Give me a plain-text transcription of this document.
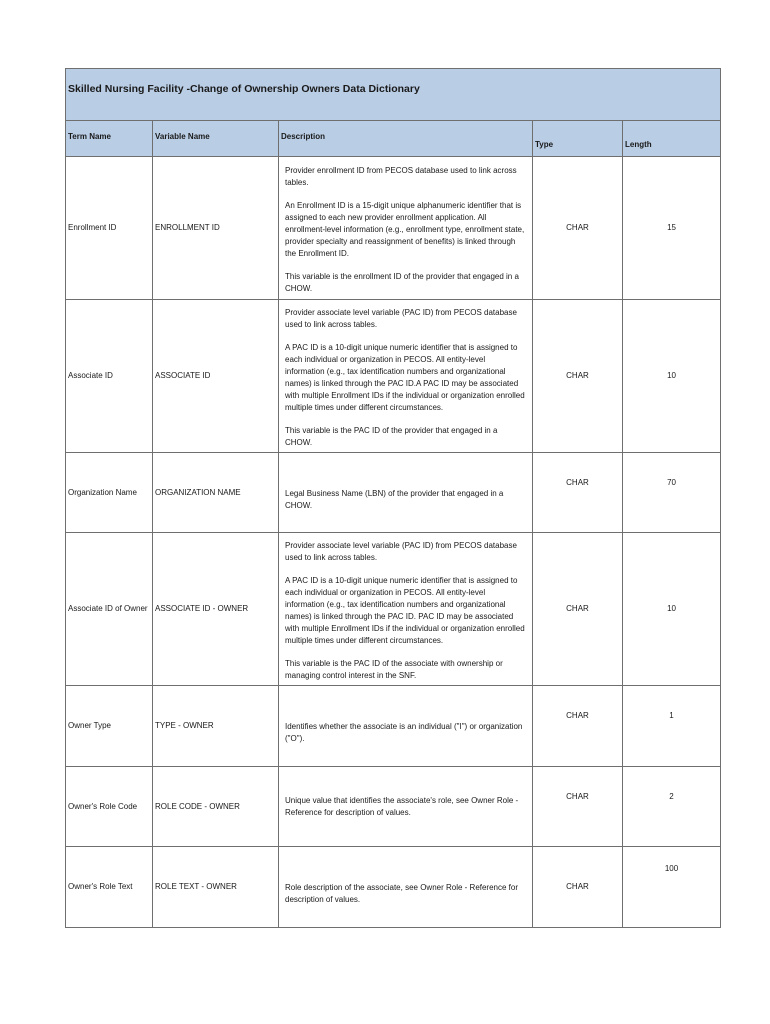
Skilled Nursing Facility -Change of Ownership Owners Data Dictionary				

Term Name	Variable Name	Description	Type	Length

Enrollment ID	ENROLLMENT ID	Provider enrollment ID from PECOS database used to link across tables.

An Enrollment ID is a 15-digit unique alphanumeric identifier that is assigned to each new provider enrollment application. All enrollment-level information (e.g., enrollment type, enrollment state, provider specialty and reassignment of benefits) is linked through the Enrollment ID.

This variable is the enrollment ID of the provider that engaged in a CHOW.	CHAR	15
Associate ID	ASSOCIATE ID	Provider associate level variable (PAC ID) from PECOS database used to link across tables.

A PAC ID is a 10-digit unique numeric identifier that is assigned to each individual or organization in PECOS. All entity-level information (e.g., tax identification numbers and organizational names) is linked through the PAC ID.A PAC ID may be associated with multiple Enrollment IDs if the individual or organization enrolled multiple times under different circumstances.

This variable is the PAC ID of the provider that engaged in a CHOW.	CHAR	10
Organization Name	ORGANIZATION NAME	Legal Business Name (LBN) of the provider that engaged in a CHOW.	CHAR	70
Associate ID of Owner	ASSOCIATE ID - OWNER	Provider associate level variable (PAC ID) from PECOS database used to link across tables.

A PAC ID is a 10-digit unique numeric identifier that is assigned to each individual or organization in PECOS. All entity-level information (e.g., tax identification numbers and organizational names) is linked through the PAC ID. PAC ID may be associated with multiple Enrollment IDs if the individual or organization enrolled multiple times under different circumstances.

This variable is the PAC ID of the associate with ownership or managing control interest in the SNF.	CHAR	10
Owner Type	TYPE - OWNER	Identifies whether the associate is an individual ("I") or organization ("O").	CHAR	1
Owner's Role Code	ROLE CODE - OWNER	Unique value that identifies the associate's role, see Owner Role - Reference for description of values.	CHAR	2
Owner's Role Text	ROLE TEXT - OWNER	Role description of the associate, see Owner Role - Reference for description of values.	CHAR	100
